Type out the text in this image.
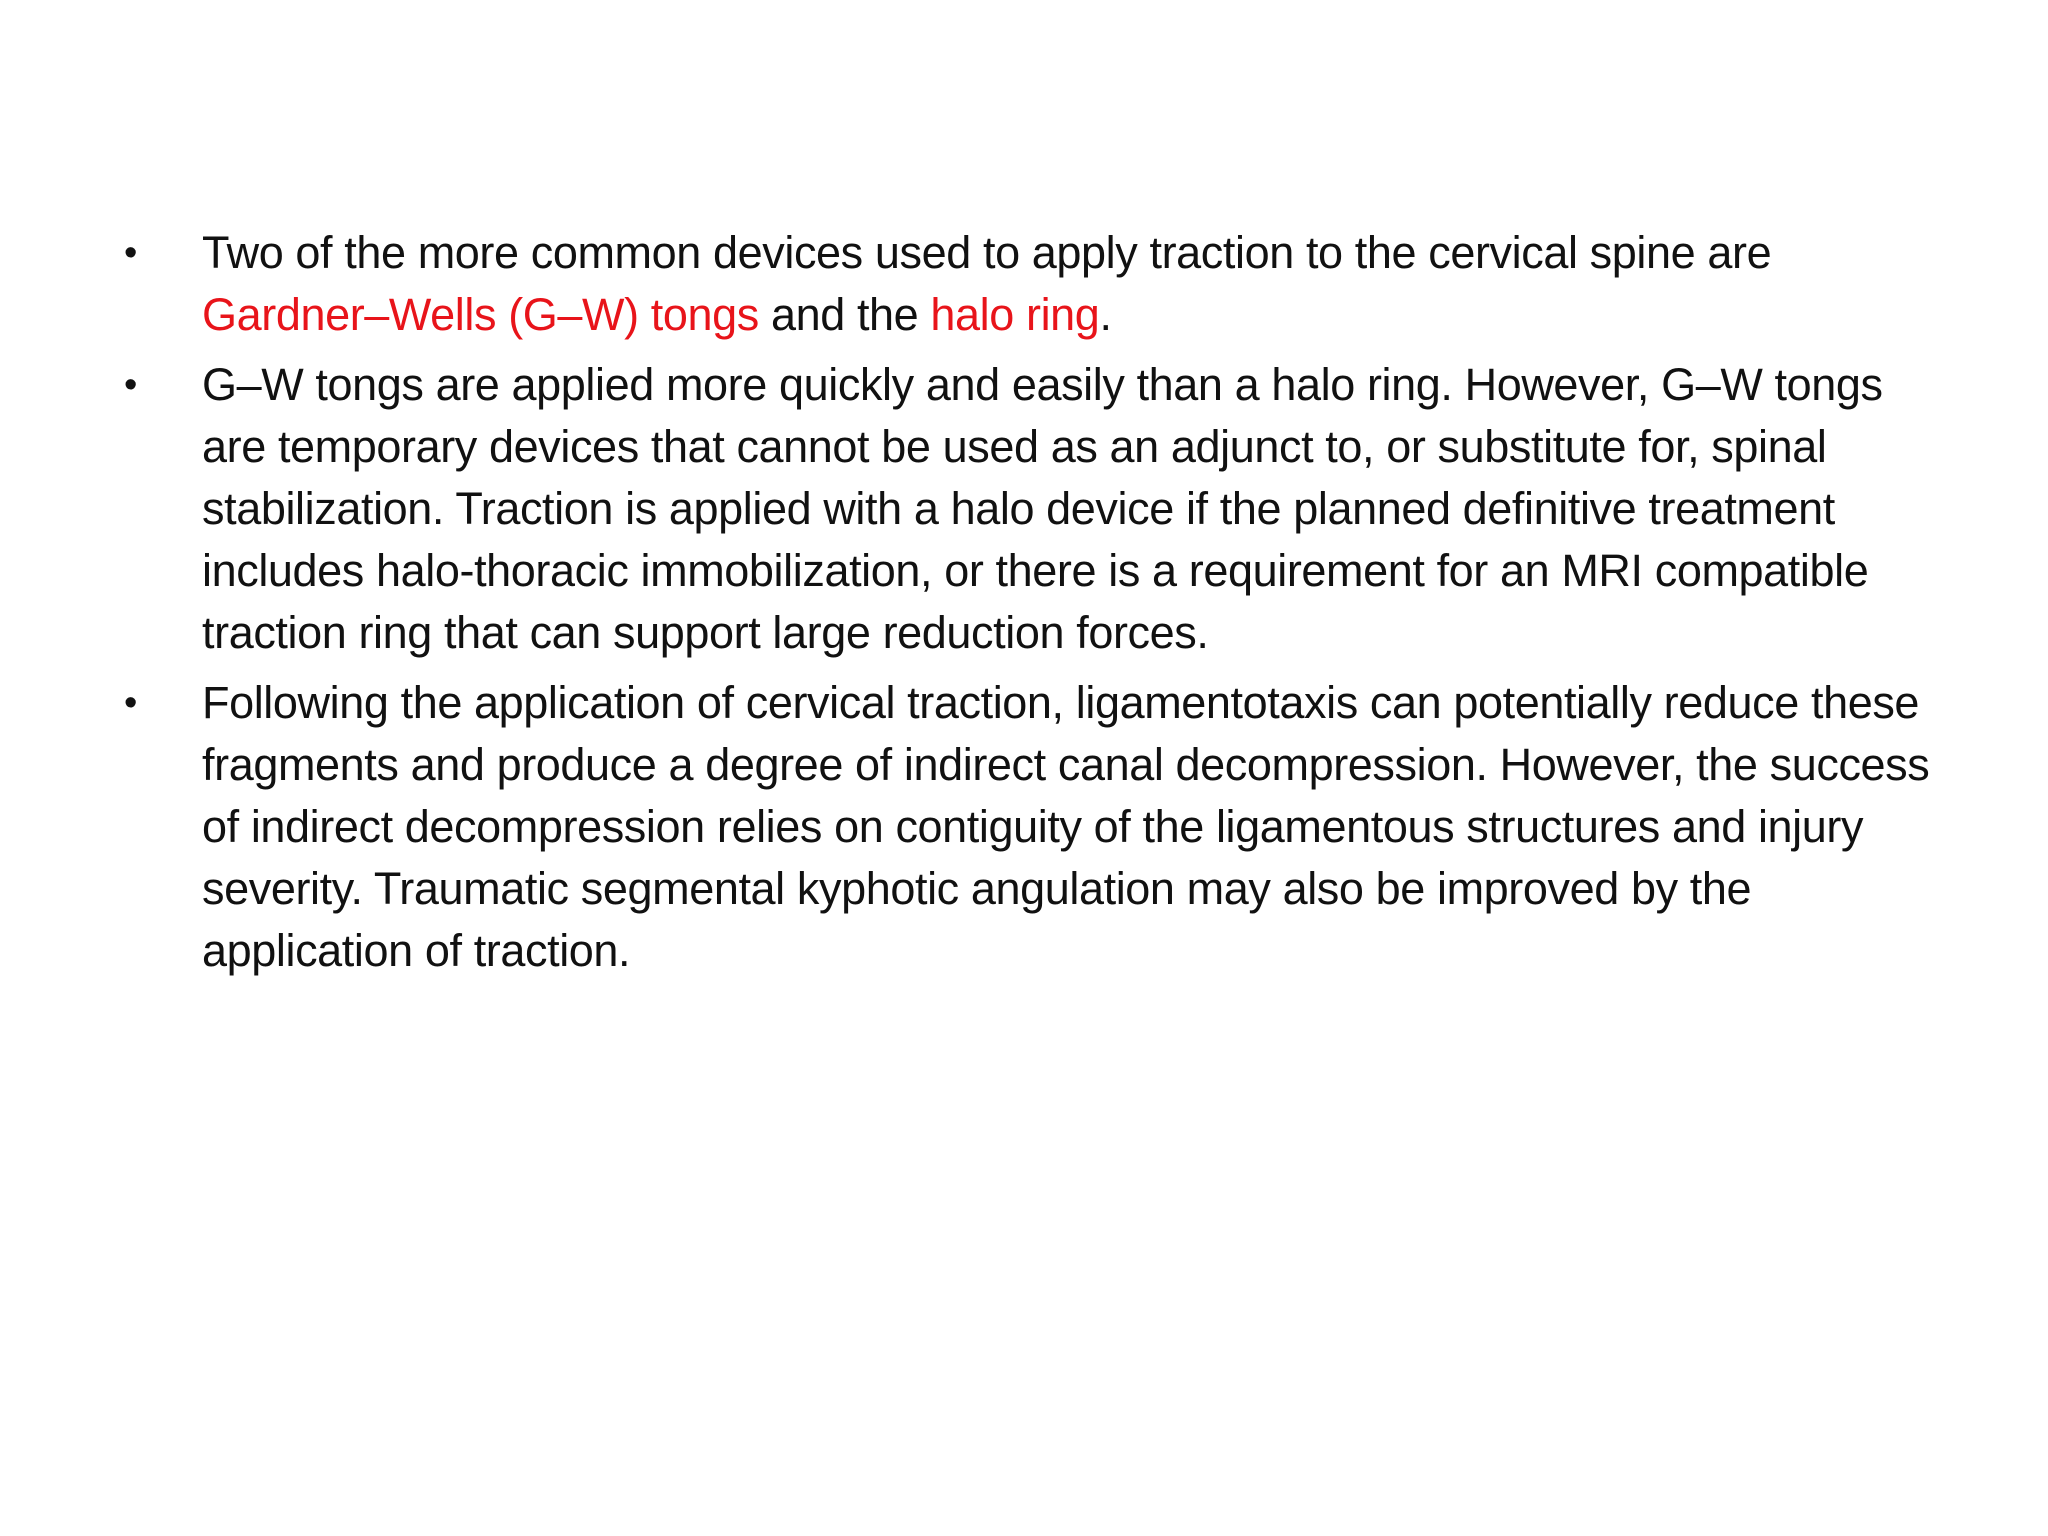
• Two of the more common devices used to apply traction to the cervical spine are Gardner–Wells (G–W) tongs and the halo ring.
• G–W tongs are applied more quickly and easily than a halo ring. However, G–W tongs are temporary devices that cannot be used as an adjunct to, or substitute for, spinal stabilization. Traction is applied with a halo device if the planned definitive treatment includes halo-thoracic immobilization, or there is a requirement for an MRI compatible traction ring that can support large reduction forces.
• Following the application of cervical traction, ligamentotaxis can potentially reduce these fragments and produce a degree of indirect canal decompression. However, the success of indirect decompression relies on contiguity of the ligamentous structures and injury severity. Traumatic segmental kyphotic angulation may also be improved by the application of traction.
